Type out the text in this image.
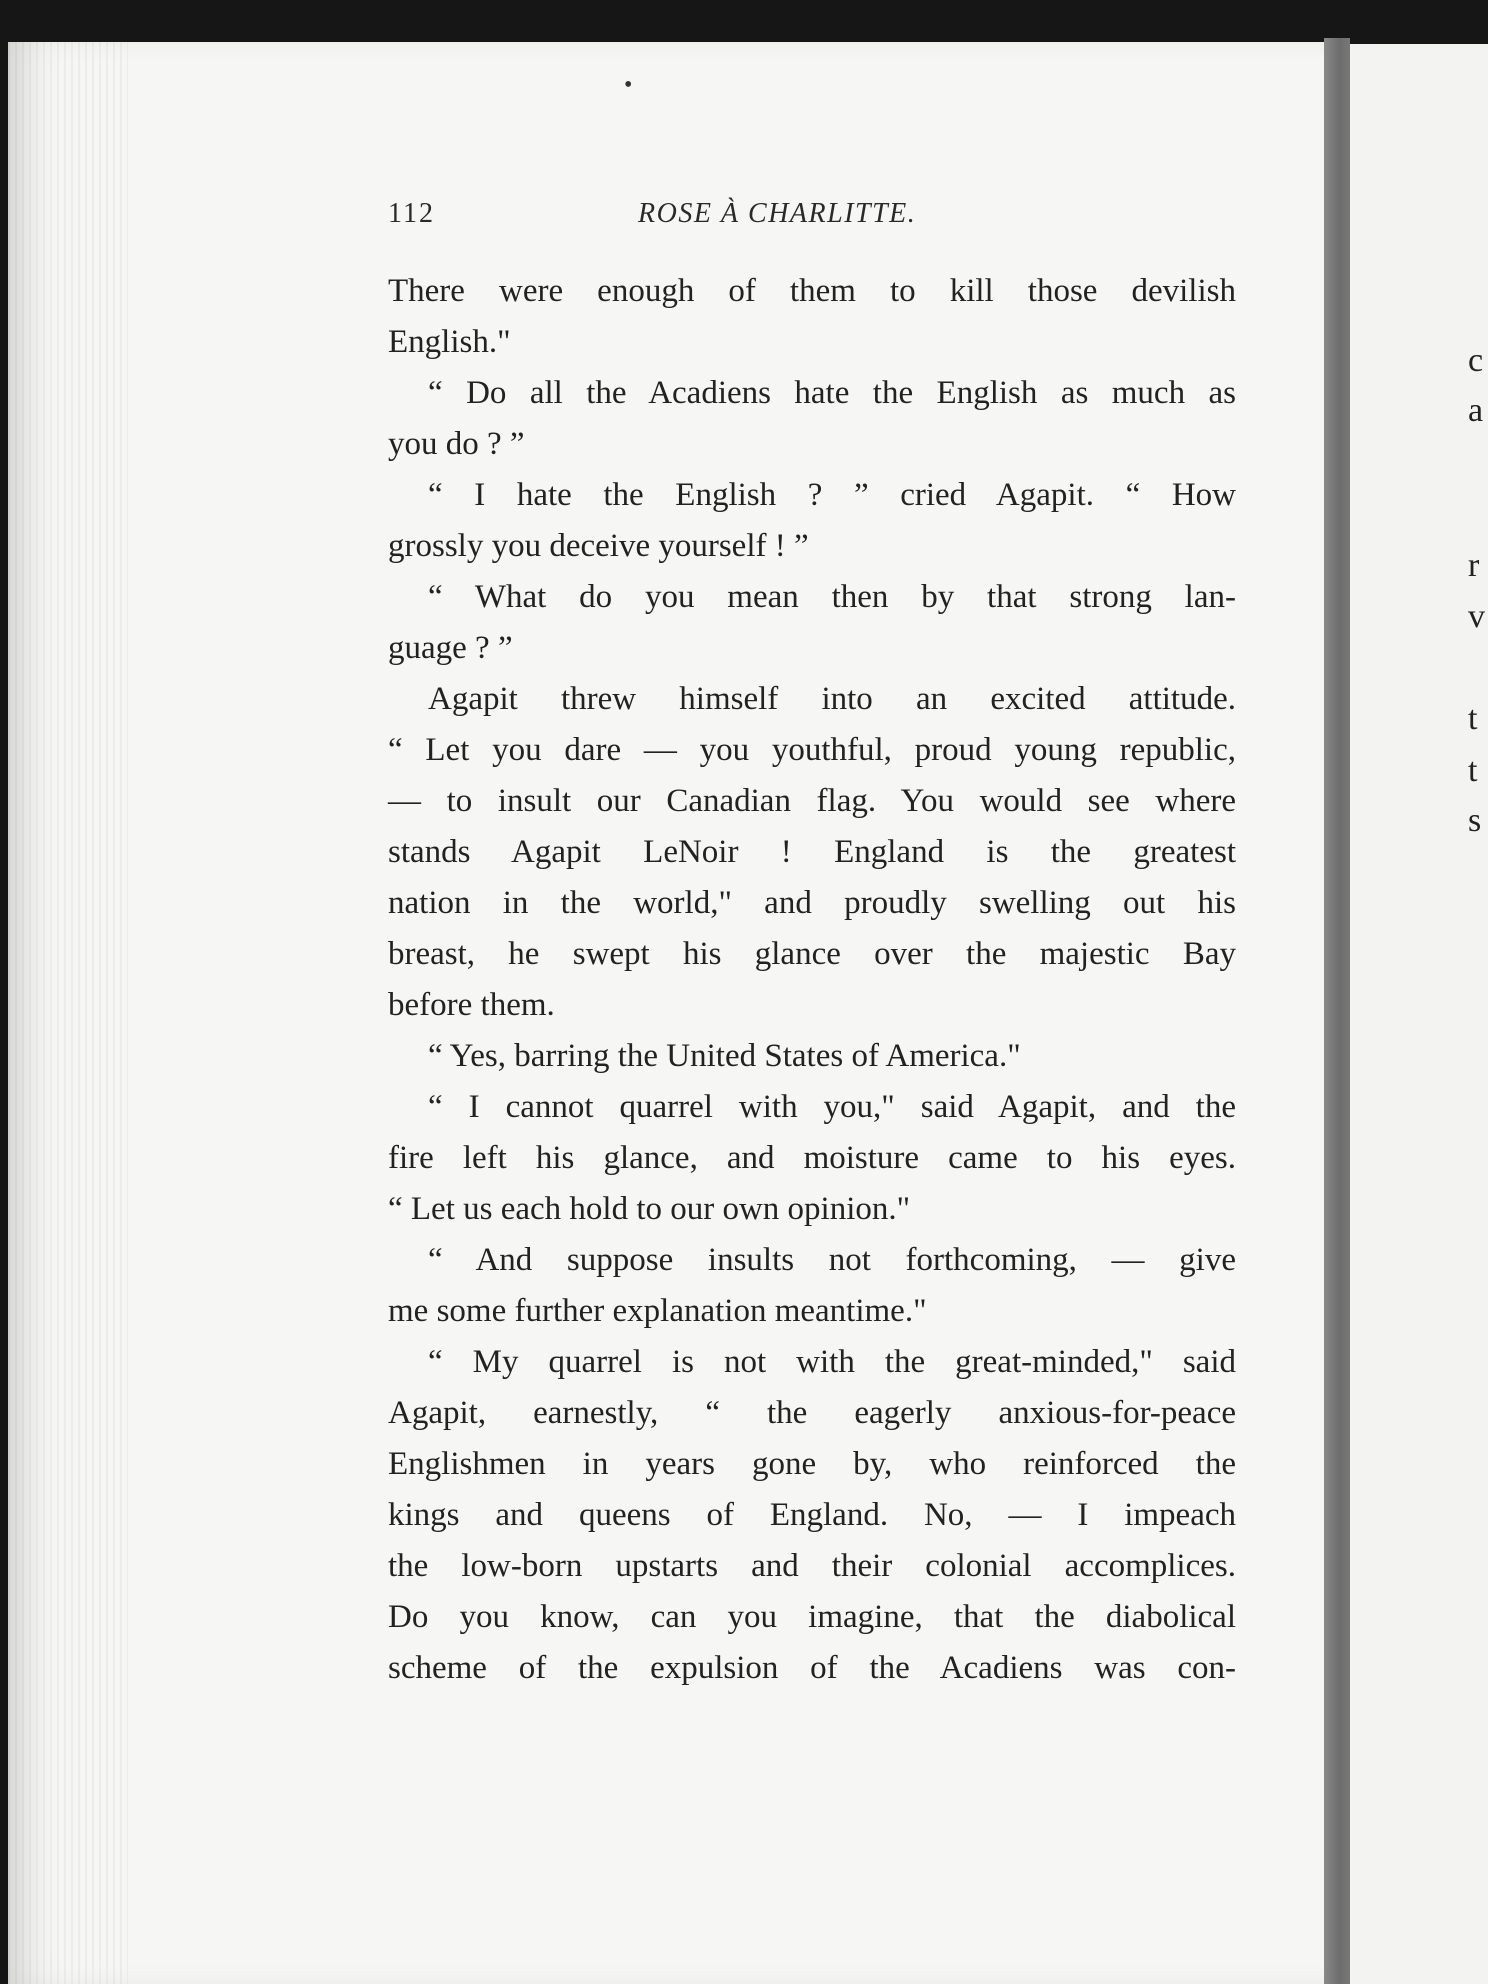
c
a
r
v
t
t
s
•
112	ROSE À CHARLITTE.
There were enough of them to kill those devilish
English."
“ Do all the Acadiens hate the English as much as
you do ? ”
“ I hate the English ? ” cried Agapit. “ How
grossly you deceive yourself ! ”
“ What do you mean then by that strong lan-
guage ? ”
Agapit threw himself into an excited attitude.
“ Let you dare — you youthful, proud young republic,
— to insult our Canadian flag. You would see where
stands Agapit LeNoir ! England is the greatest
nation in the world," and proudly swelling out his
breast, he swept his glance over the majestic Bay
before them.
“ Yes, barring the United States of America."
“ I cannot quarrel with you," said Agapit, and the
fire left his glance, and moisture came to his eyes.
“ Let us each hold to our own opinion."
“ And suppose insults not forthcoming, — give
me some further explanation meantime."
“ My quarrel is not with the great-minded," said
Agapit, earnestly, “ the eagerly anxious-for-peace
Englishmen in years gone by, who reinforced the
kings and queens of England. No, — I impeach
the low-born upstarts and their colonial accomplices.
Do you know, can you imagine, that the diabolical
scheme of the expulsion of the Acadiens was con-
